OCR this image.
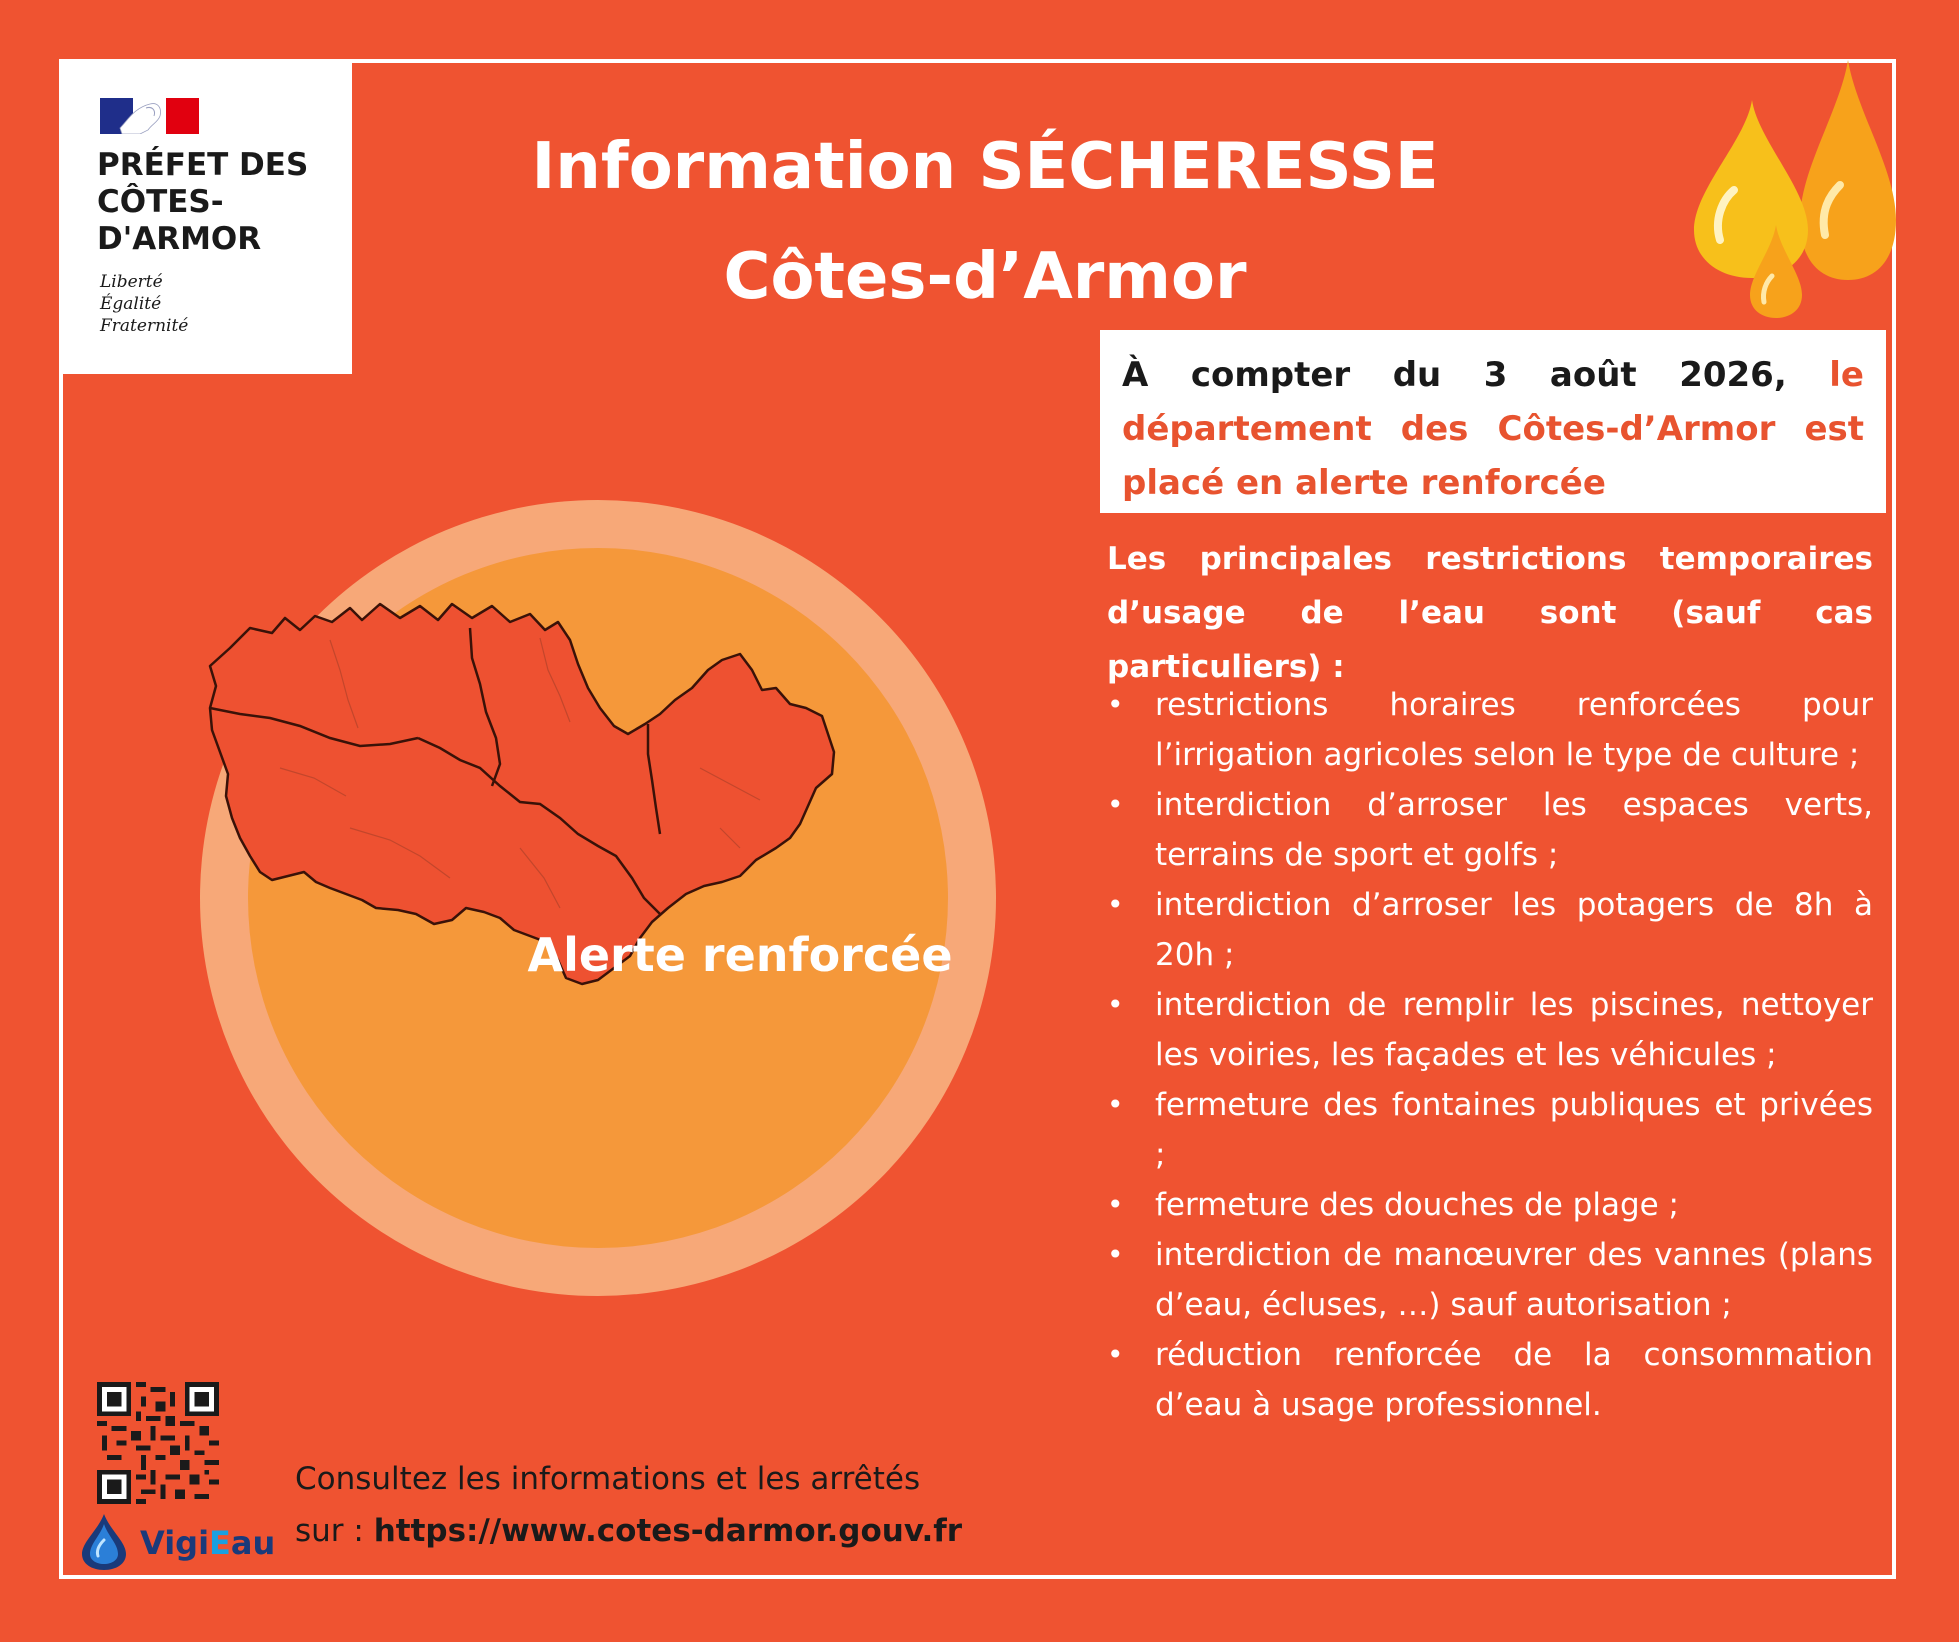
PRÉFET DES CÔTES-D'ARMOR

Liberté
Égalité
Fraternité
Information SÉCHERESSE
Côtes-d’Armor

À compter du 3 août 2026, le département des Côtes-d’Armor est placé en alerte renforcée

Les principales restrictions temporaires d’usage de l’eau sont (sauf cas particuliers) :

• restrictions horaires renforcées pour l’irrigation agricoles selon le type de culture ;
• interdiction d’arroser les espaces verts, terrains de sport et golfs ;
• interdiction d’arroser les potagers de 8h à 20h ;
• interdiction de remplir les piscines, nettoyer les voiries, les façades et les véhicules ;
• fermeture des fontaines publiques et privées ;
• fermeture des douches de plage ;
• interdiction de manœuvrer des vannes (plans d’eau, écluses, …) sauf autorisation ;
• réduction renforcée de la consommation d’eau à usage professionnel.

Alerte renforcée

VigiEau

Consultez les informations et les arrêtés
sur : https://www.cotes-darmor.gouv.fr
